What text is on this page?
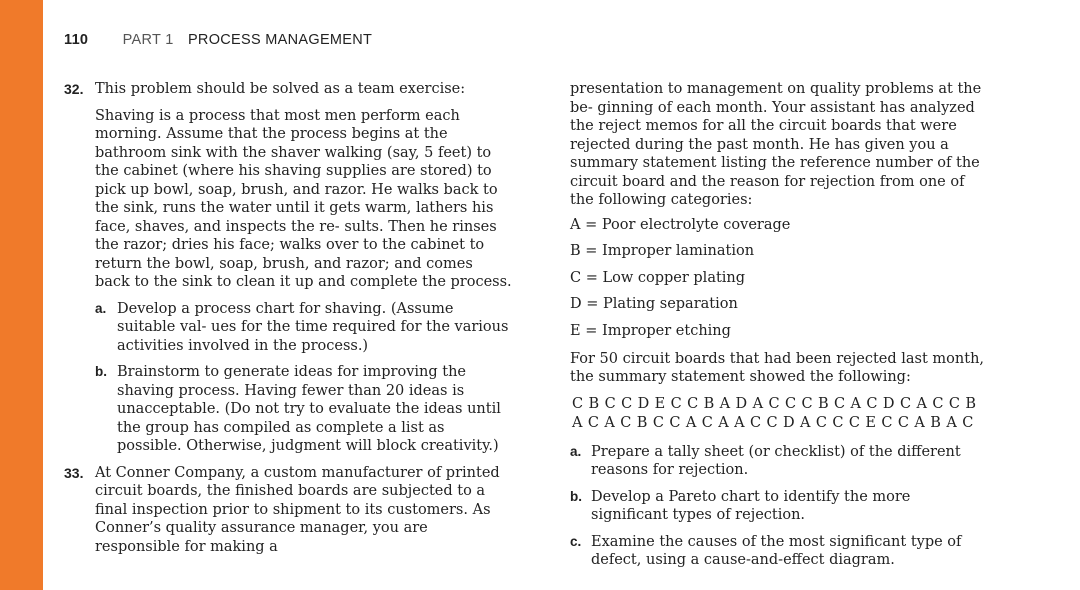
110 PART 1 PROCESS MANAGEMENT
32. This problem should be solved as a team exercise:

Shaving is a process that most men perform each morning. Assume that the process begins at the bathroom sink with the shaver walking (say, 5 feet) to the cabinet (where his shaving supplies are stored) to pick up bowl, soap, brush, and razor. He walks back to the sink, runs the water until it gets warm, lathers his face, shaves, and inspects the re- sults. Then he rinses the razor; dries his face; walks over to the cabinet to return the bowl, soap, brush, and razor; and comes back to the sink to clean it up and complete the process.

a. Develop a process chart for shaving. (Assume suitable val- ues for the time required for the various activities involved in the process.)
b. Brainstorm to generate ideas for improving the shaving process. Having fewer than 20 ideas is unacceptable. (Do not try to evaluate the ideas until the group has compiled as complete a list as possible. Otherwise, judgment will block creativity.)
33. At Conner Company, a custom manufacturer of printed circuit boards, the finished boards are subjected to a final inspection prior to shipment to its customers. As Conner’s quality assurance manager, you are responsible for making a

presentation to management on quality problems at the be- ginning of each month. Your assistant has analyzed the reject memos for all the circuit boards that were rejected during the past month. He has given you a summary statement listing the reference number of the circuit board and the reason for rejection from one of the following categories:

A = Poor electrolyte coverage
B = Improper lamination
C = Low copper plating
D = Plating separation
E = Improper etching

For 50 circuit boards that had been rejected last month, the summary statement showed the following:

C B C C D E C C B A D A C C C B C A C D C A C C B
A C A C B C C A C A A C C D A C C C E C C A B A C
a. Prepare a tally sheet (or checklist) of the different reasons for rejection.
b. Develop a Pareto chart to identify the more significant types of rejection.
c. Examine the causes of the most significant type of defect, using a cause-and-effect diagram.
